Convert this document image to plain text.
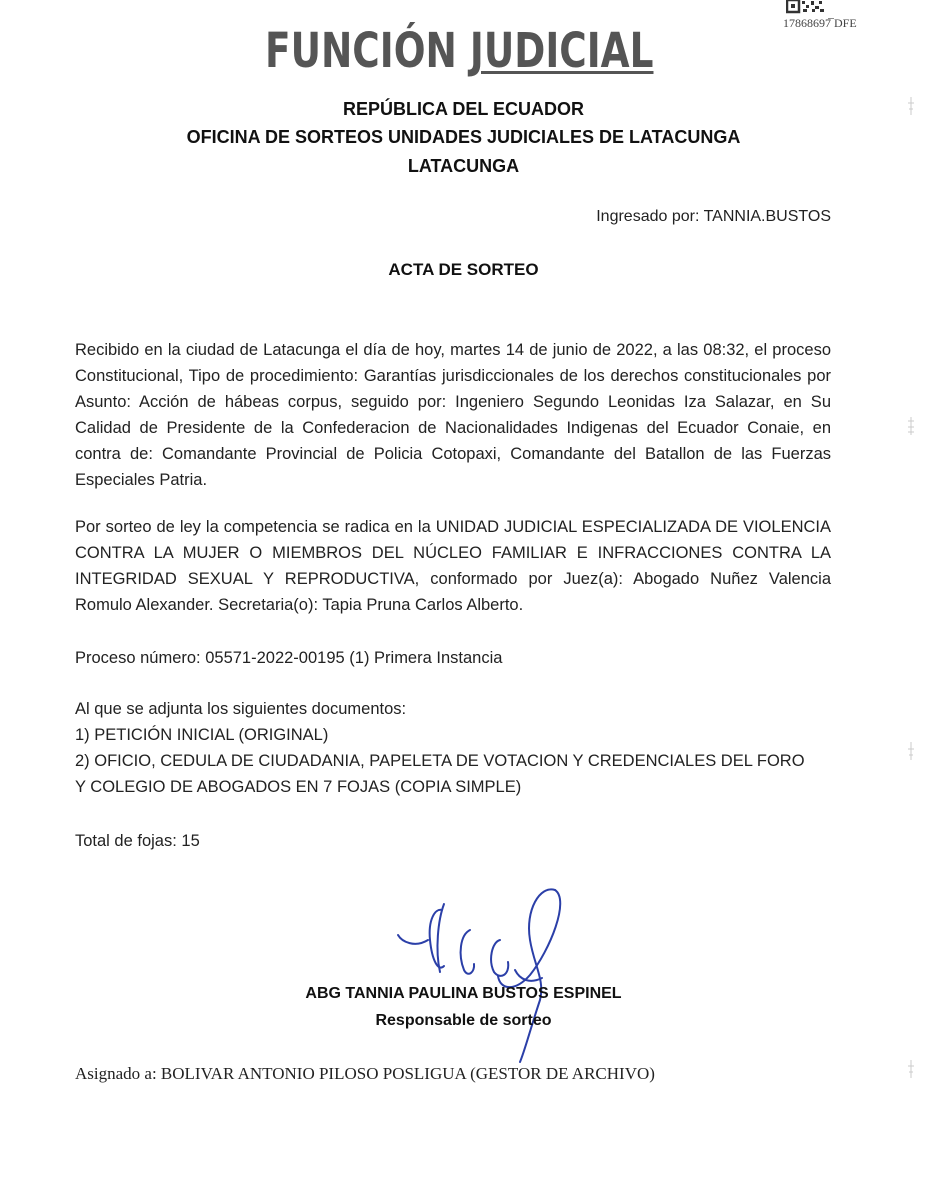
FUNCIÓN JUDICIAL	17868697̅ DFE
REPÚBLICA DEL ECUADOR
OFICINA DE SORTEOS UNIDADES JUDICIALES DE LATACUNGA
LATACUNGA
Ingresado por: TANNIA.BUSTOS
ACTA DE SORTEO
Recibido en la ciudad de Latacunga el día de hoy, martes 14 de junio de 2022, a las 08:32, el proceso Constitucional, Tipo de procedimiento: Garantías jurisdiccionales de los derechos constitucionales por Asunto: Acción de hábeas corpus, seguido por: Ingeniero Segundo Leonidas Iza Salazar, en Su Calidad de Presidente de la Confederacion de Nacionalidades Indigenas del Ecuador Conaie, en contra de: Comandante Provincial de Policia Cotopaxi, Comandante del Batallon de las Fuerzas Especiales Patria.
Por sorteo de ley la competencia se radica en la UNIDAD JUDICIAL ESPECIALIZADA DE VIOLENCIA CONTRA LA MUJER O MIEMBROS DEL NÚCLEO FAMILIAR E INFRACCIONES CONTRA LA INTEGRIDAD SEXUAL Y REPRODUCTIVA, conformado por Juez(a): Abogado Nuñez Valencia Romulo Alexander. Secretaria(o): Tapia Pruna Carlos Alberto.
Proceso número: 05571-2022-00195 (1) Primera Instancia
Al que se adjunta los siguientes documentos:
1) PETICIÓN INICIAL (ORIGINAL)
2) OFICIO, CEDULA DE CIUDADANIA, PAPELETA DE VOTACION Y CREDENCIALES DEL FORO Y COLEGIO DE ABOGADOS EN 7 FOJAS (COPIA SIMPLE)
Total de fojas: 15
ABG TANNIA PAULINA BUSTOS ESPINEL
Responsable de sorteo
Asignado a: BOLIVAR ANTONIO PILOSO POSLIGUA (GESTOR DE ARCHIVO)
